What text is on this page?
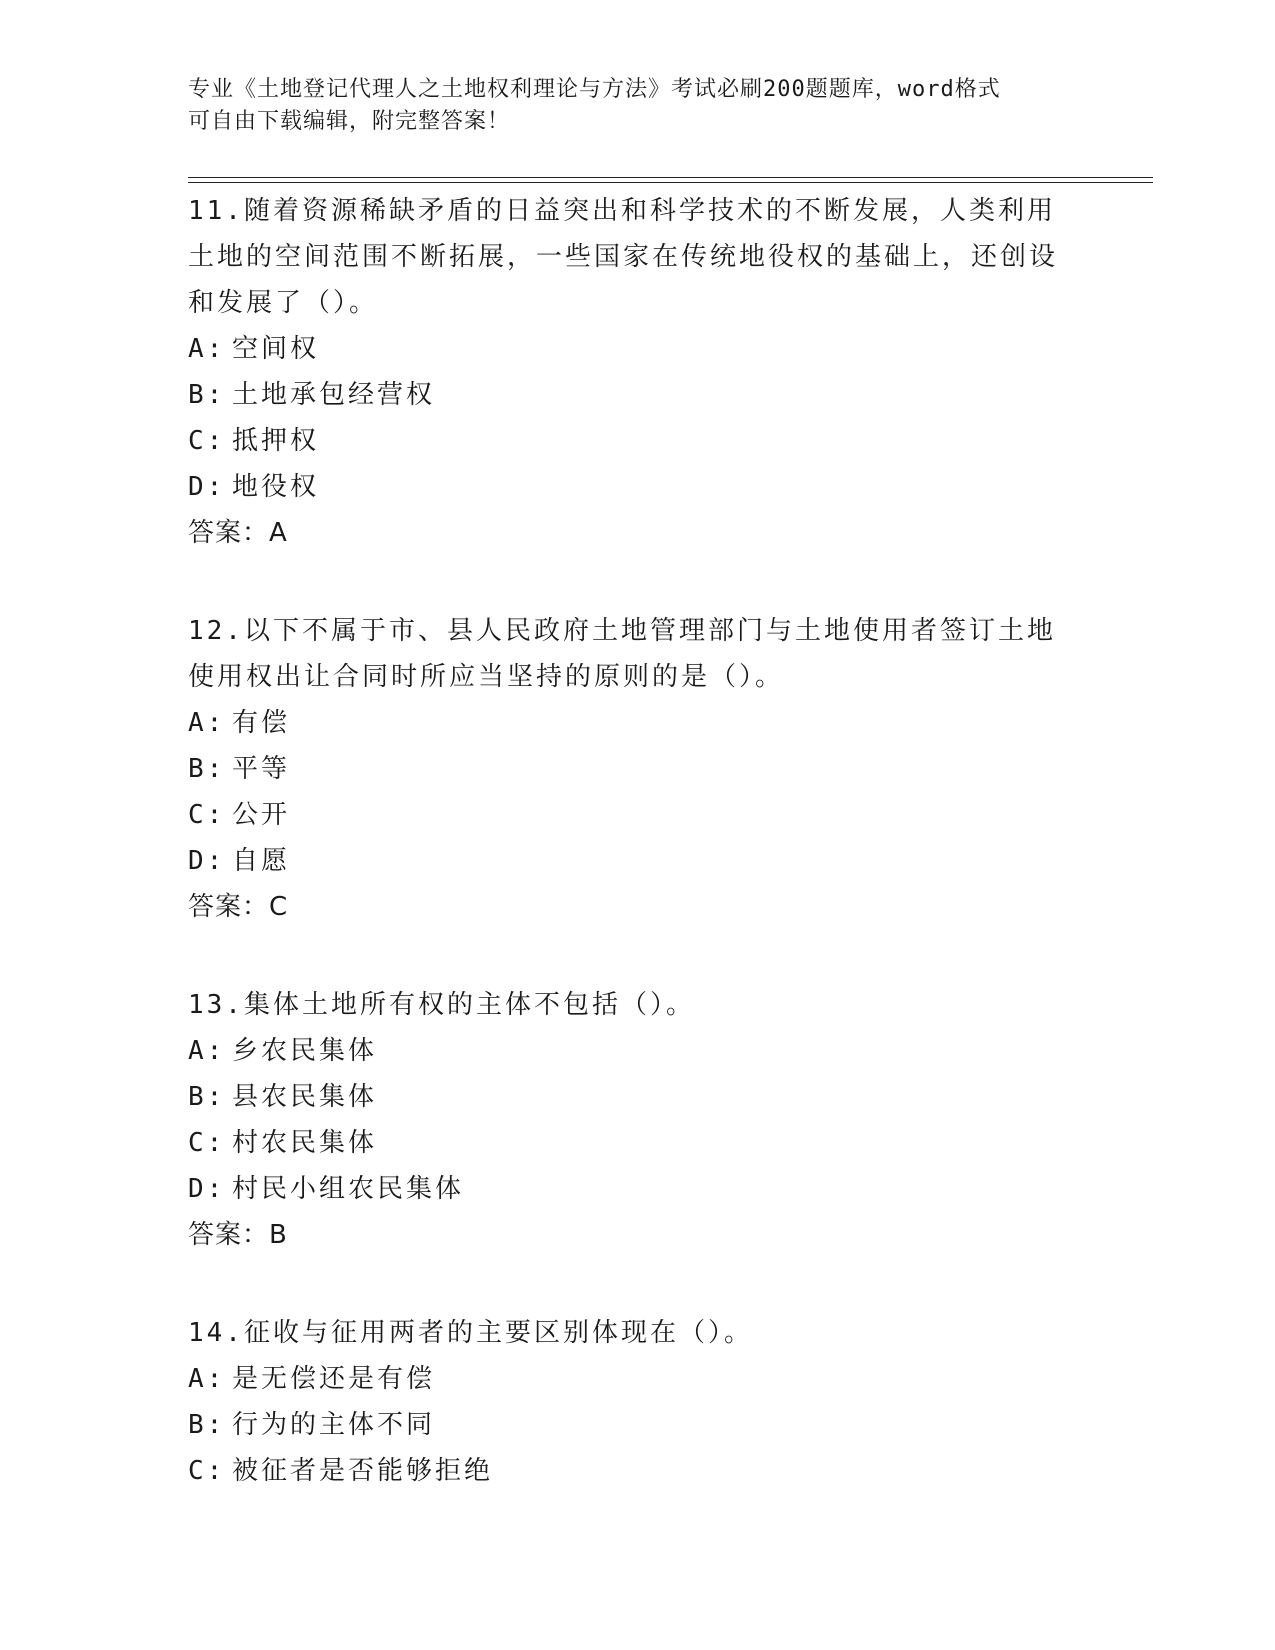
专业《土地登记代理人之土地权利理论与方法》考试必刷200题题库，word格式
可自由下载编辑，附完整答案！
11.随着资源稀缺矛盾的日益突出和科学技术的不断发展，人类利用土地的空间范围不断拓展，一些国家在传统地役权的基础上，还创设和发展了（）。
A: 空间权
B: 土地承包经营权
C: 抵押权
D: 地役权
答案：A
12.以下不属于市、县人民政府土地管理部门与土地使用者签订土地使用权出让合同时所应当坚持的原则的是（）。
A: 有偿
B: 平等
C: 公开
D: 自愿
答案：C
13.集体土地所有权的主体不包括（）。
A: 乡农民集体
B: 县农民集体
C: 村农民集体
D: 村民小组农民集体
答案：B
14.征收与征用两者的主要区别体现在（）。
A: 是无偿还是有偿
B: 行为的主体不同
C: 被征者是否能够拒绝
